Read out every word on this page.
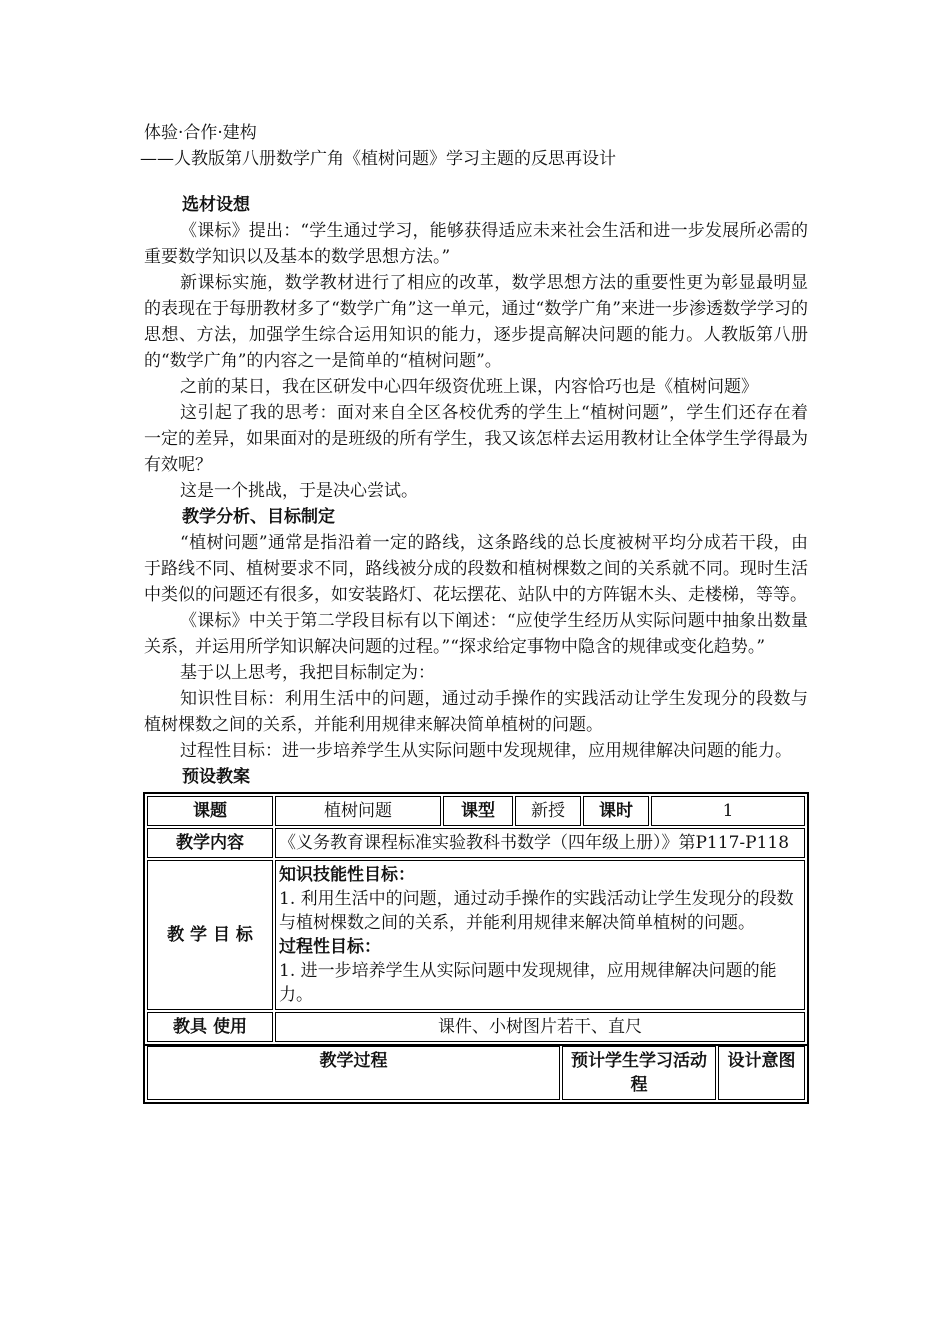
体验·合作·建构
——人教版第八册数学广角《植树问题》学习主题的反思再设计
选材设想

《课标》提出：“学生通过学习，能够获得适应未来社会生活和进一步发展所必需的重要数学知识以及基本的数学思想方法。”

新课标实施，数学教材进行了相应的改革，数学思想方法的重要性更为彰显最明显的表现在于每册教材多了“数学广角”这一单元，通过“数学广角”来进一步渗透数学学习的思想、方法，加强学生综合运用知识的能力，逐步提高解决问题的能力。人教版第八册的“数学广角”的内容之一是简单的“植树问题”。

之前的某日，我在区研发中心四年级资优班上课，内容恰巧也是《植树问题》

这引起了我的思考：面对来自全区各校优秀的学生上“植树问题”，学生们还存在着一定的差异，如果面对的是班级的所有学生，我又该怎样去运用教材让全体学生学得最为有效呢？

这是一个挑战，于是决心尝试。

教学分析、目标制定

“植树问题”通常是指沿着一定的路线，这条路线的总长度被树平均分成若干段，由于路线不同、植树要求不同，路线被分成的段数和植树棵数之间的关系就不同。现时生活中类似的问题还有很多，如安装路灯、花坛摆花、站队中的方阵锯木头、走楼梯，等等。

《课标》中关于第二学段目标有以下阐述：“应使学生经历从实际问题中抽象出数量关系，并运用所学知识解决问题的过程。”“探求给定事物中隐含的规律或变化趋势。”

基于以上思考，我把目标制定为：

知识性目标：利用生活中的问题，通过动手操作的实践活动让学生发现分的段数与植树棵数之间的关系，并能利用规律来解决简单植树的问题。

过程性目标：进一步培养学生从实际问题中发现规律，应用规律解决问题的能力。

预设教案
课题	植树问题	课型	新授	课时	1
教学内容	《义务教育课程标准实验教科书数学（四年级上册）》第P117-P118				
教 学 目 标	知识技能性目标：
1. 利用生活中的问题，通过动手操作的实践活动让学生发现分的段数与植树棵数之间的关系，并能利用规律来解决简单植树的问题。
过程性目标：
1. 进一步培养学生从实际问题中发现规律，应用规律解决问题的能力。				

教具 使用	课件、小树图片若干、直尺				
教学过程	预计学生学习活动程	设计意图
